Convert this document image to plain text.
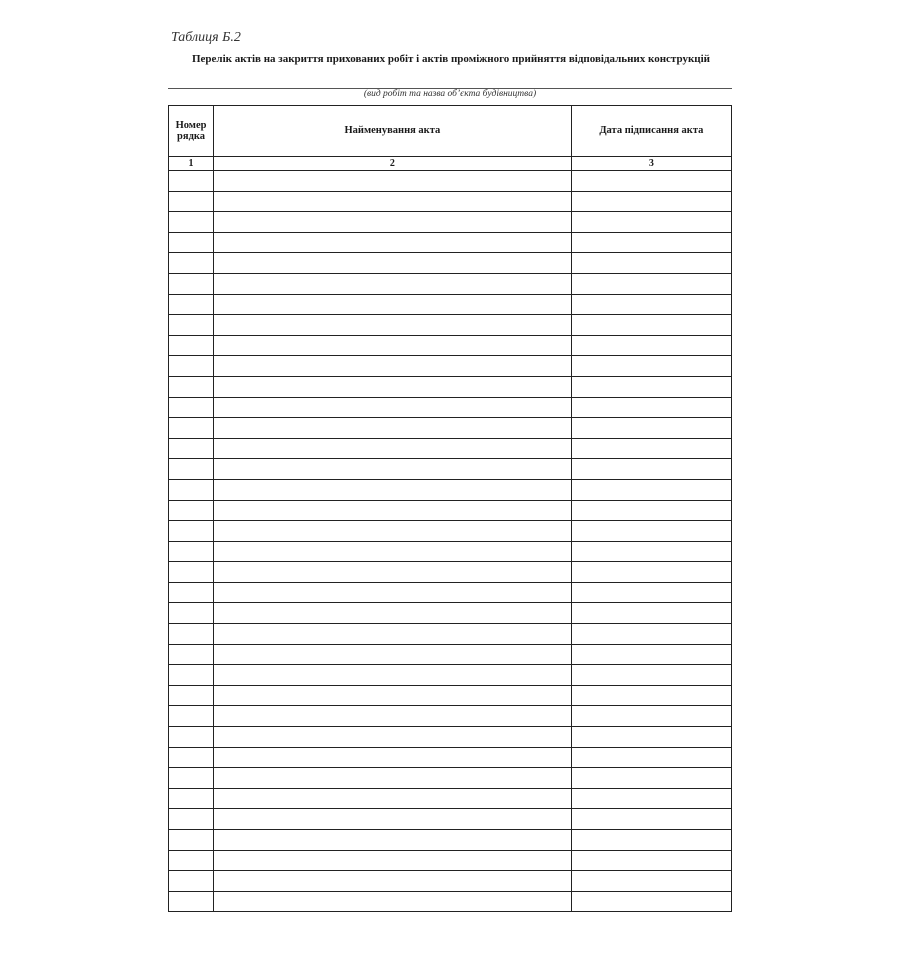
Таблиця Б.2
Перелік актів на закриття прихованих робіт і актів проміжного прийняття відповідальних конструкцій
(вид робіт та назва об’єкта будівництва)
Номер рядка	Найменування акта	Дата підписання акта
1	2	3
